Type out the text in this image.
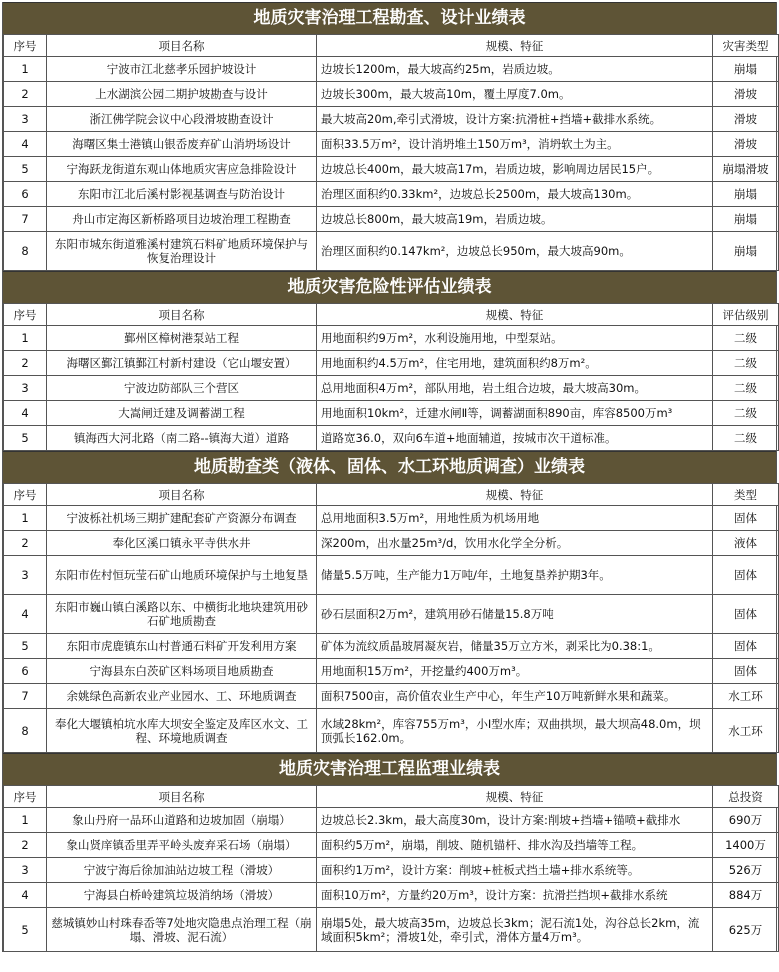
地质灾害治理工程勘查、设计业绩表
序号	项目名称	规模、特征	灾害类型
1	宁波市江北慈孝乐园护坡设计	边坡长1200m，最大坡高约25m，岩质边坡。	崩塌
2	上水湖滨公园二期护坡勘查与设计	边坡长300m，最大坡高10m，覆土厚度7.0m。	滑坡
3	浙江佛学院会议中心段滑坡勘查设计	最大坡高20m,牵引式滑坡，设计方案:抗滑桩+挡墙+截排水系统。	滑坡
4	海曙区集士港镇山银岙废弃矿山消坍场设计	面积33.5万m²，设计消坍堆土150万m³，消坍软土为主。	滑坡
5	宁海跃龙街道东观山体地质灾害应急排险设计	边坡总长400m，最大坡高17m，岩质边坡，影响周边居民15户。	崩塌滑坡
6	东阳市江北后溪村影视基调查与防治设计	治理区面积约0.33km²，边坡总长2500m，最大坡高130m。	崩塌
7	舟山市定海区新桥路项目边坡治理工程勘查	边坡总长800m，最大坡高19m，岩质边坡。	崩塌
8	东阳市城东街道雅溪村建筑石料矿地质环境保护与恢复治理设计	治理区面积约0.147km²，边坡总长950m，最大坡高90m。	崩塌
地质灾害危险性评估业绩表
序号	项目名称	规模、特征	评估级别
1	鄞州区樟树港泵站工程	用地面积约9万m²，水利设施用地，中型泵站。	二级
2	海曙区鄞江镇鄞江村新村建设（它山堰安置）	用地面积约4.5万m²，住宅用地，建筑面积约8万m²。	二级
3	宁波边防部队三个营区	总用地面积4万m²，部队用地，岩土组合边坡，最大坡高30m。	二级
4	大嵩闸迁建及调蓄湖工程	用地面积10km²，迁建水闸Ⅱ等，调蓄湖面积890亩，库容8500万m³	二级
5	镇海西大河北路（南二路--镇海大道）道路	道路宽36.0，双向6车道+地面辅道，按城市次干道标准。	二级
地质勘查类（液体、固体、水工环地质调查）业绩表
序号	项目名称	规模、特征	类型
1	宁波栎社机场三期扩建配套矿产资源分布调查	总用地面积3.5万m²，用地性质为机场用地	固体
2	奉化区溪口镇永平寺供水井	深200m，出水量25m³/d，饮用水化学全分析。	液体
3	东阳市佐村恒玩莹石矿山地质环境保护与土地复垦	储量5.5万吨，生产能力1万吨/年，土地复垦养护期3年。	固体
4	东阳市巍山镇白溪路以东、中横街北地块建筑用砂石矿地质勘查	砂石层面积2万m²，建筑用砂石储量15.8万吨	固体
5	东阳市虎鹿镇东山村普通石料矿开发利用方案	矿体为流纹质晶玻屑凝灰岩，储量35万立方米，剥采比为0.38:1。	固体
6	宁海县东白茨矿区料场项目地质勘查	用地面积15万m²，开挖量约400万m³。	固体
7	余姚绿色高新农业产业园水、工、环地质调查	面积7500亩，高价值农业生产中心，年生产10万吨新鲜水果和蔬菜。	水工环
8	奉化大堰镇柏坑水库大坝安全鉴定及库区水文、工程、环境地质调查	水域28km²，库容755万m³，小Ⅰ型水库；双曲拱坝，最大坝高48.0m，坝顶弧长162.0m。	水工环
地质灾害治理工程监理业绩表
序号	项目名称	规模、特征	总投资
1	象山丹府一品环山道路和边坡加固（崩塌）	边坡总长2.3km，最大高度30m，设计方案:削坡+挡墙+锚喷+截排水	690万
2	象山贤庠镇岙里弄平岭头废弃采石场（崩塌）	面积约5万m²，崩塌，削坡、随机锚杆、排水沟及挡墙等工程。	1400万
3	宁波宁海后徐加油站边坡工程（滑坡）	面积约1万m²，设计方案：削坡+桩板式挡土墙+排水系统等。	526万
4	宁海县白桥岭建筑垃圾消纳场（滑坡）	面积10万m²，方量约20万m³，设计方案：抗滑拦挡坝+截排水系统	884万
5	慈城镇妙山村珠春岙等7处地灾隐患点治理工程（崩塌、滑坡、泥石流）	崩塌5处，最大坡高35m，边坡总长3km；泥石流1处，沟谷总长2km，流域面积5km²；滑坡1处，牵引式，滑体方量4万m³。	625万
